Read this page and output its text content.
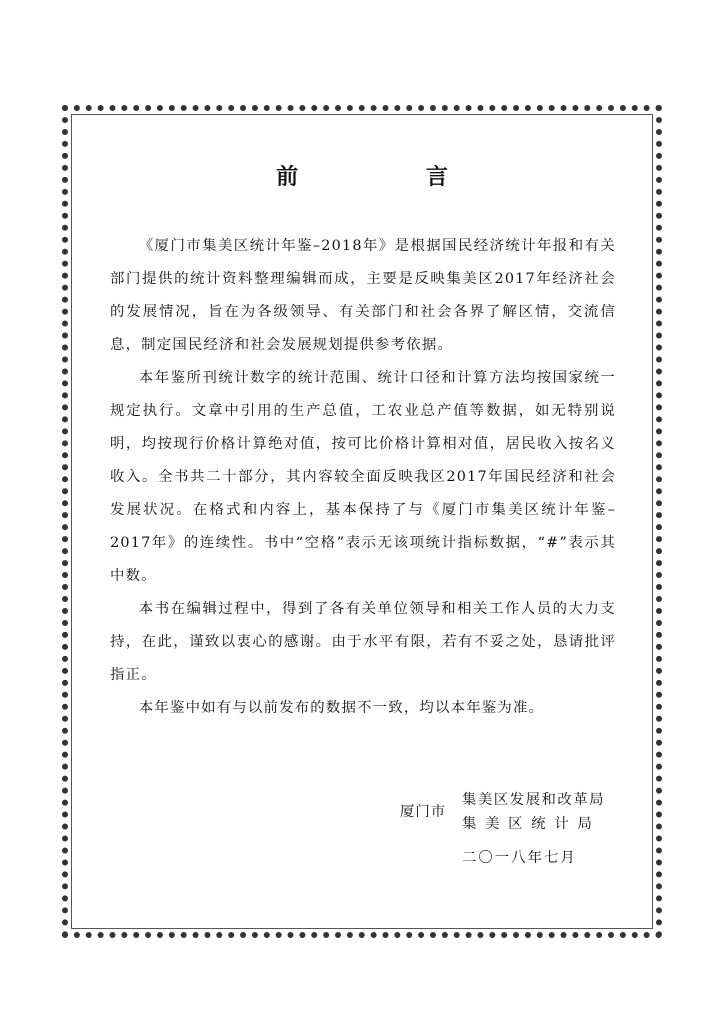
前 言

《厦门市集美区统计年鉴–2018年》是根据国民经济统计年报和有关部门提供的统计资料整理编辑而成，主要是反映集美区2017年经济社会的发展情况，旨在为各级领导、有关部门和社会各界了解区情，交流信息，制定国民经济和社会发展规划提供参考依据。

本年鉴所刊统计数字的统计范围、统计口径和计算方法均按国家统一规定执行。文章中引用的生产总值，工农业总产值等数据，如无特别说明，均按现行价格计算绝对值，按可比价格计算相对值，居民收入按名义收入。全书共二十部分，其内容较全面反映我区2017年国民经济和社会发展状况。在格式和内容上，基本保持了与《厦门市集美区统计年鉴–2017年》的连续性。书中“空格”表示无该项统计指标数据，“#”表示其中数。

本书在编辑过程中，得到了各有关单位领导和相关工作人员的大力支持，在此，谨致以衷心的感谢。由于水平有限，若有不妥之处，恳请批评指正。

本年鉴中如有与以前发布的数据不一致，均以本年鉴为准。

厦门市
集美区发展和改革局
集美区统计局
二〇一八年七月
